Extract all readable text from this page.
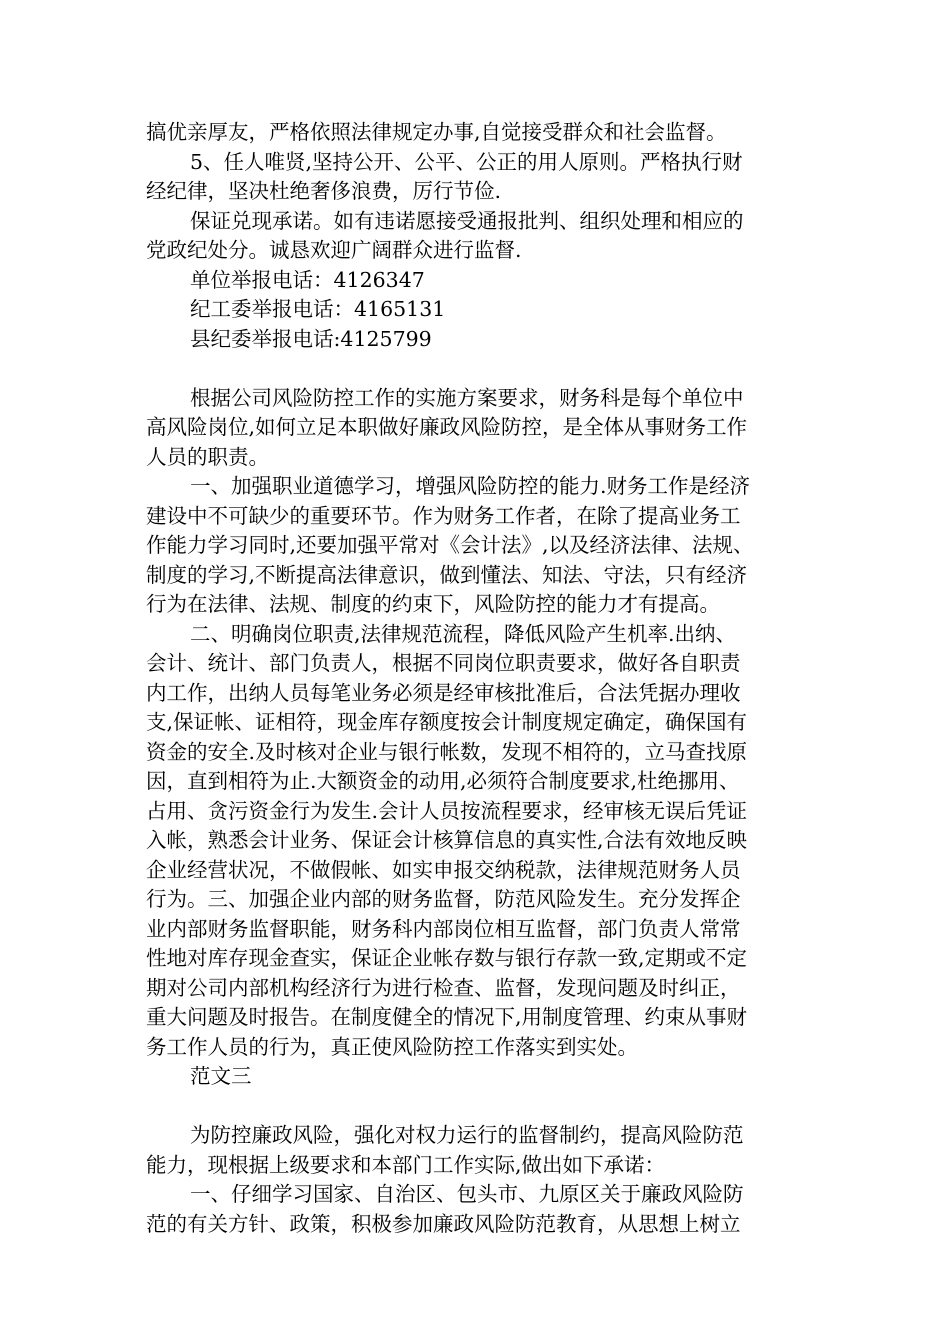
搞优亲厚友，严格依照法律规定办事,自觉接受群众和社会监督。
5、任人唯贤,坚持公开、公平、公正的用人原则。严格执行财
经纪律，坚决杜绝奢侈浪费，厉行节俭.
保证兑现承诺。如有违诺愿接受通报批判、组织处理和相应的
党政纪处分。诚恳欢迎广阔群众进行监督.
单位举报电话：4126347
纪工委举报电话：4165131
县纪委举报电话:4125799
根据公司风险防控工作的实施方案要求，财务科是每个单位中
高风险岗位,如何立足本职做好廉政风险防控，是全体从事财务工作
人员的职责。
一、加强职业道德学习，增强风险防控的能力.财务工作是经济
建设中不可缺少的重要环节。作为财务工作者，在除了提高业务工
作能力学习同时,还要加强平常对《会计法》,以及经济法律、法规、
制度的学习,不断提高法律意识，做到懂法、知法、守法，只有经济
行为在法律、法规、制度的约束下，风险防控的能力才有提高。
二、明确岗位职责,法律规范流程，降低风险产生机率.出纳、
会计、统计、部门负责人，根据不同岗位职责要求，做好各自职责
内工作，出纳人员每笔业务必须是经审核批准后，合法凭据办理收
支,保证帐、证相符，现金库存额度按会计制度规定确定，确保国有
资金的安全.及时核对企业与银行帐数，发现不相符的，立马查找原
因，直到相符为止.大额资金的动用,必须符合制度要求,杜绝挪用、
占用、贪污资金行为发生.会计人员按流程要求，经审核无误后凭证
入帐，熟悉会计业务、保证会计核算信息的真实性,合法有效地反映
企业经营状况，不做假帐、如实申报交纳税款，法律规范财务人员
行为。三、加强企业内部的财务监督，防范风险发生。充分发挥企
业内部财务监督职能，财务科内部岗位相互监督，部门负责人常常
性地对库存现金查实，保证企业帐存数与银行存款一致,定期或不定
期对公司内部机构经济行为进行检查、监督，发现问题及时纠正，
重大问题及时报告。在制度健全的情况下,用制度管理、约束从事财
务工作人员的行为，真正使风险防控工作落实到实处。
范文三
为防控廉政风险，强化对权力运行的监督制约，提高风险防范
能力，现根据上级要求和本部门工作实际,做出如下承诺：
一、仔细学习国家、自治区、包头市、九原区关于廉政风险防
范的有关方针、政策，积极参加廉政风险防范教育，从思想上树立
